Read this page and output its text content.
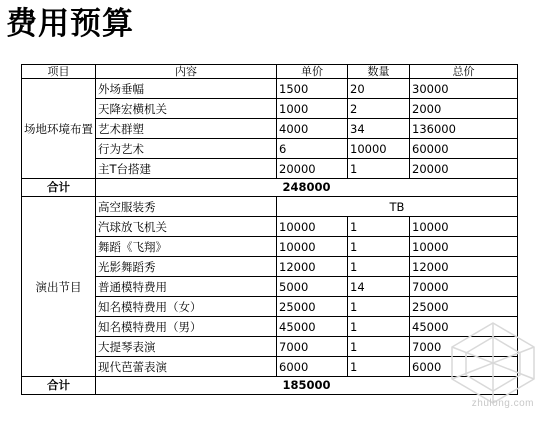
费用预算
项目	内容	单价	数量	总价
场地环境布置	外场垂幅	1500	20	30000
	天降宏横机关	1000	2	2000
	艺术群塑	4000	34	136000
	行为艺术	6	10000	60000
	主T台搭建	20000	1	20000
合计	248000			
演出节目	高空服装秀	TB		
	汽球放飞机关	10000	1	10000
	舞蹈《飞翔》	10000	1	10000
	光影舞蹈秀	12000	1	12000
	普通模特费用	5000	14	70000
	知名模特费用（女）	25000	1	25000
	知名模特费用（男）	45000	1	45000
	大提琴表演	7000	1	7000
	现代芭蕾表演	6000	1	6000
合计	185000			
zhulong.com
